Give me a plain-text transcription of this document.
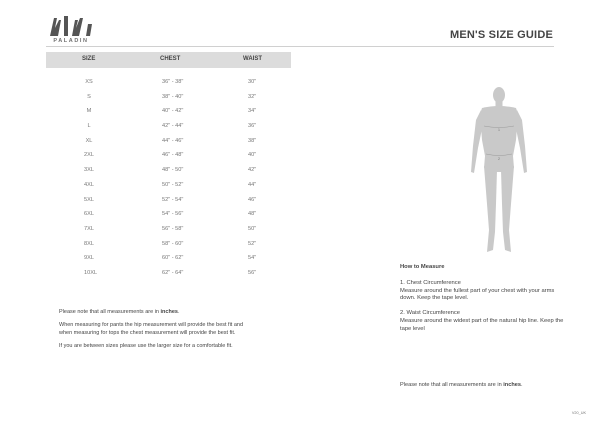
PALADIN	MEN'S SIZE GUIDE
SIZE	CHEST	WAIST
XS	36" - 38"	30"
S	38" - 40"	32"
M	40" - 42"	34"
L	42" - 44"	36"
XL	44" - 46"	38"
2XL	46" - 48"	40"
3XL	48" - 50"	42"
4XL	50" - 52"	44"
5XL	52" - 54"	46"
6XL	54" - 56"	48"
7XL	56" - 58"	50"
8XL	58" - 60"	52"
9XL	60" - 62"	54"
10XL	62" - 64"	56"

Please note that all measurements are in inches.

When measuring for pants the hip measurement will provide the best fit and
when measuring for tops the chest measurement will provide the best fit.

If you are between sizes please use the larger size for a comfortable fit.

1
2
How to Measure
1. Chest Circumference
Measure around the fullest part of your chest with your arms down. Keep the tape level.
2. Waist Circumference
Measure around the widest part of the natural hip line. Keep the tape level
Please note that all measurements are in inches.
V20_UK
